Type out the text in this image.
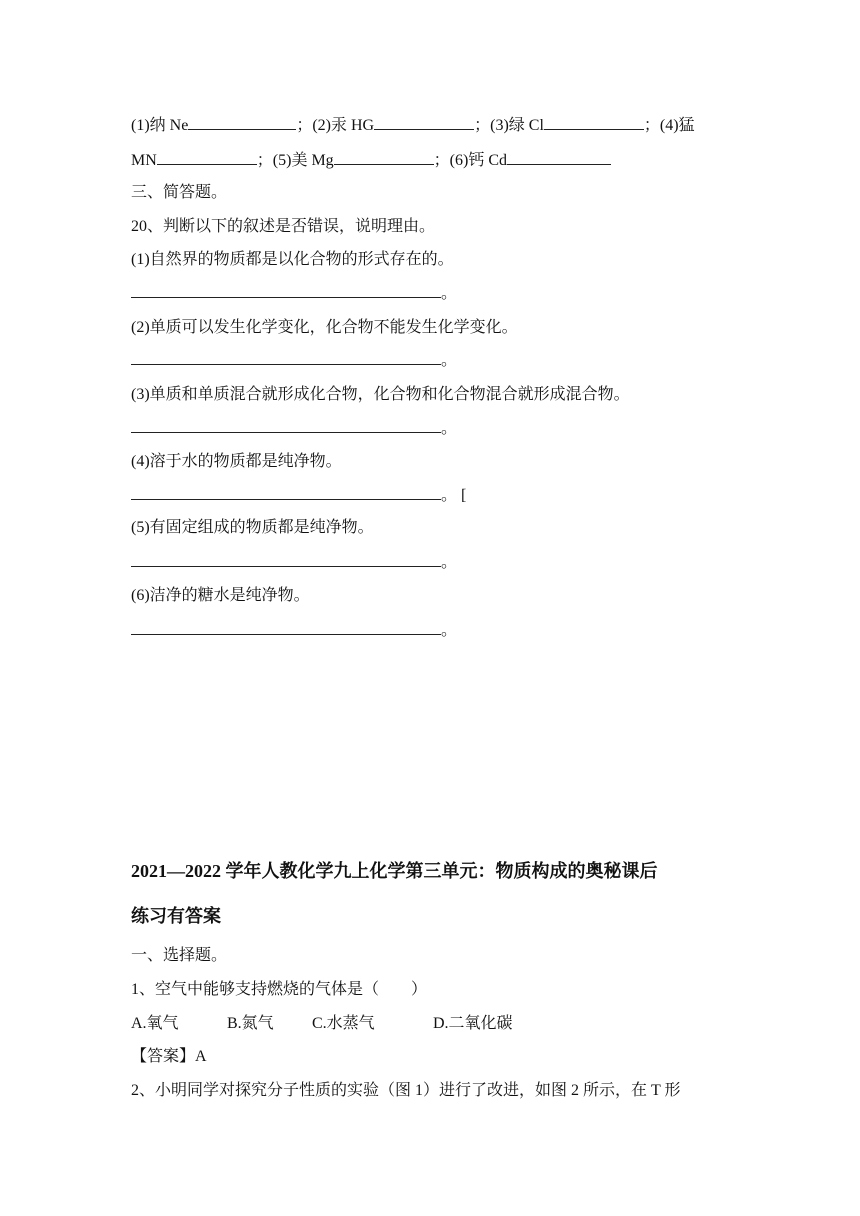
(1)纳 Ne	；(2)汞 HG	；(3)绿 Cl	；(4)猛
MN	；(5)美 Mg	；(6)钙 Cd
三、简答题。
20、判断以下的叙述是否错误，说明理由。
(1)自然界的物质都是以化合物的形式存在的。
。
(2)单质可以发生化学变化，化合物不能发生化学变化。
。
(3)单质和单质混合就形成化合物，化合物和化合物混合就形成混合物。
。
(4)溶于水的物质都是纯净物。
。 [
(5)有固定组成的物质都是纯净物。
。
(6)洁净的糖水是纯净物。
。
2021—2022 学年人教化学九上化学第三单元：物质构成的奥秘课后
练习有答案
一、选择题。
1、空气中能够支持燃烧的气体是（　　）
A.氧气	B.氮气 C.水蒸气	D.二氧化碳
【答案】A
2、小明同学对探究分子性质的实验（图 1）进行了改进，如图 2 所示，在 T 形
